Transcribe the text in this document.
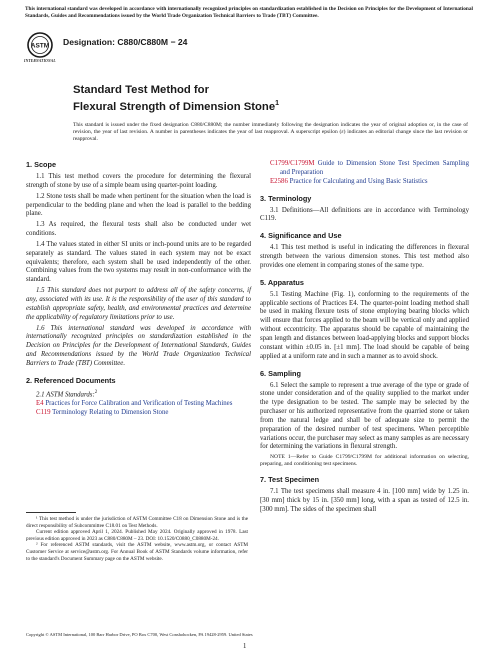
This international standard was developed in accordance with internationally recognized principles on standardization established in the Decision on Principles for the Development of International Standards, Guides and Recommendations issued by the World Trade Organization Technical Barriers to Trade (TBT) Committee.
ASTM
INTERNATIONAL
Designation: C880/C880M − 24
Standard Test Method for
Flexural Strength of Dimension Stone$^1$
This standard is issued under the fixed designation C880/C880M; the number immediately following the designation indicates the year of original adoption or, in the case of revision, the year of last revision. A number in parentheses indicates the year of last reapproval. A superscript epsilon (ε) indicates an editorial change since the last revision or reapproval.
1. Scope

1.1 This test method covers the procedure for determining the flexural strength of stone by use of a simple beam using quarter-point loading.

1.2 Stone tests shall be made when pertinent for the situation when the load is perpendicular to the bedding plane and when the load is parallel to the bedding plane.

1.3 As required, the flexural tests shall also be conducted under wet conditions.

1.4 The values stated in either SI units or inch-pound units are to be regarded separately as standard. The values stated in each system may not be exact equivalents; therefore, each system shall be used independently of the other. Combining values from the two systems may result in non-conformance with the standard.

1.5 This standard does not purport to address all of the safety concerns, if any, associated with its use. It is the responsibility of the user of this standard to establish appropriate safety, health, and environmental practices and determine the applicability of regulatory limitations prior to use.

1.6 This international standard was developed in accordance with internationally recognized principles on standardization established in the Decision on Principles for the Development of International Standards, Guides and Recommendations issued by the World Trade Organization Technical Barriers to Trade (TBT) Committee.

2. Referenced Documents

2.1 ASTM Standards:$^2$

E4 Practices for Force Calibration and Verification of Testing Machines

C119 Terminology Relating to Dimension Stone

¹ This test method is under the jurisdiction of ASTM Committee C18 on Dimension Stone and is the direct responsibility of Subcommittee C18.01 on Test Methods.

Current edition approved April 1, 2024. Published May 2024. Originally approved in 1978. Last previous edition approved in 2023 as C880/C880M – 23. DOI: 10.1520/C0880_C0880M-24.

² For referenced ASTM standards, visit the ASTM website, www.astm.org, or contact ASTM Customer Service at service@astm.org. For Annual Book of ASTM Standards volume information, refer to the standard's Document Summary page on the ASTM website.

C1799/C1799M Guide to Dimension Stone Test Specimen Sampling and Preparation

E2586 Practice for Calculating and Using Basic Statistics

3. Terminology

3.1 Definitions—All definitions are in accordance with Terminology C119.

4. Significance and Use

4.1 This test method is useful in indicating the differences in flexural strength between the various dimension stones. This test method also provides one element in comparing stones of the same type.

5. Apparatus

5.1 Testing Machine (Fig. 1), conforming to the requirements of the applicable sections of Practices E4. The quarter-point loading method shall be used in making flexure tests of stone employing bearing blocks which will ensure that forces applied to the beam will be vertical only and applied without eccentricity. The apparatus should be capable of maintaining the span length and distances between load-applying blocks and support blocks constant within ±0.05 in. [±1 mm]. The load should be capable of being applied at a uniform rate and in such a manner as to avoid shock.

6. Sampling

6.1 Select the sample to represent a true average of the type or grade of stone under consideration and of the quality supplied to the market under the type designation to be tested. The sample may be selected by the purchaser or his authorized representative from the quarried stone or taken from the natural ledge and shall be of adequate size to permit the preparation of the desired number of test specimens. When perceptible variations occur, the purchaser may select as many samples as are necessary for determining the variations in flexural strength.

NOTE 1—Refer to Guide C1799/C1799M for additional information on selecting, preparing, and conditioning test specimens.

7. Test Specimen

7.1 The test specimens shall measure 4 in. [100 mm] wide by 1.25 in. [30 mm] thick by 15 in. [350 mm] long, with a span as tested of 12.5 in. [300 mm]. The sides of the specimen shall

Copyright © ASTM International, 100 Barr Harbor Drive, PO Box C700, West Conshohocken, PA 19428-2959. United States
1
